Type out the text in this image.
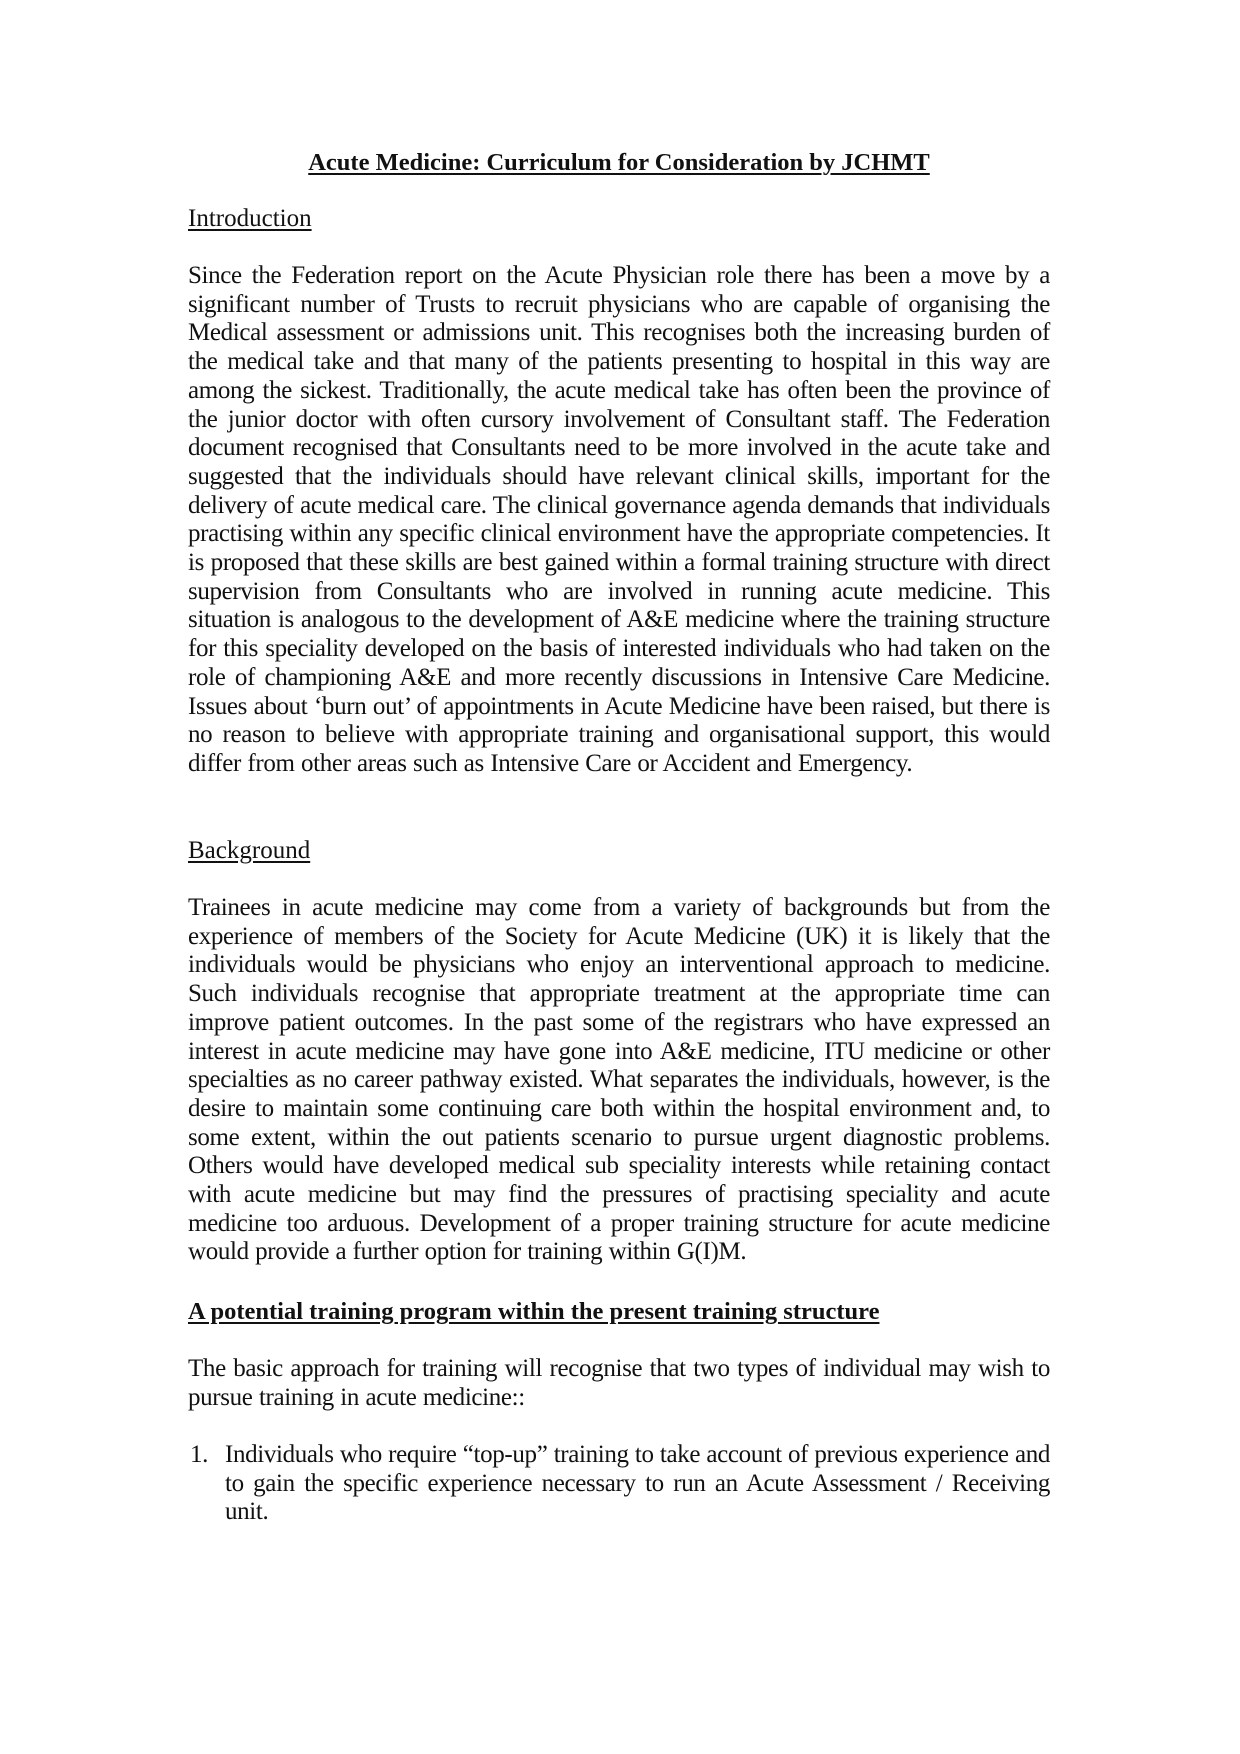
Acute Medicine: Curriculum for Consideration by JCHMT
Introduction

Since the Federation report on the Acute Physician role there has been a move by a significant number of Trusts to recruit physicians who are capable of organising the Medical assessment or admissions unit. This recognises both the increasing burden of the medical take and that many of the patients presenting to hospital in this way are among the sickest. Traditionally, the acute medical take has often been the province of the junior doctor with often cursory involvement of Consultant staff. The Federation document recognised that Consultants need to be more involved in the acute take and suggested that the individuals should have relevant clinical skills, important for the delivery of acute medical care. The clinical governance agenda demands that individuals practising within any specific clinical environment have the appropriate competencies. It is proposed that these skills are best gained within a formal training structure with direct supervision from Consultants who are involved in running acute medicine. This situation is analogous to the development of A&E medicine where the training structure for this speciality developed on the basis of interested individuals who had taken on the role of championing A&E and more recently discussions in Intensive Care Medicine. Issues about ‘burn out’ of appointments in Acute Medicine have been raised, but there is no reason to believe with appropriate training and organisational support, this would differ from other areas such as Intensive Care or Accident and Emergency.

Background

Trainees in acute medicine may come from a variety of backgrounds but from the experience of members of the Society for Acute Medicine (UK) it is likely that the individuals would be physicians who enjoy an interventional approach to medicine. Such individuals recognise that appropriate treatment at the appropriate time can improve patient outcomes. In the past some of the registrars who have expressed an interest in acute medicine may have gone into A&E medicine, ITU medicine or other specialties as no career pathway existed. What separates the individuals, however, is the desire to maintain some continuing care both within the hospital environment and, to some extent, within the out patients scenario to pursue urgent diagnostic problems. Others would have developed medical sub speciality interests while retaining contact with acute medicine but may find the pressures of practising speciality and acute medicine too arduous. Development of a proper training structure for acute medicine would provide a further option for training within G(I)M.

A potential training program within the present training structure

The basic approach for training will recognise that two types of individual may wish to pursue training in acute medicine::

1. Individuals who require “top-up” training to take account of previous experience and to gain the specific experience necessary to run an Acute Assessment / Receiving unit.
